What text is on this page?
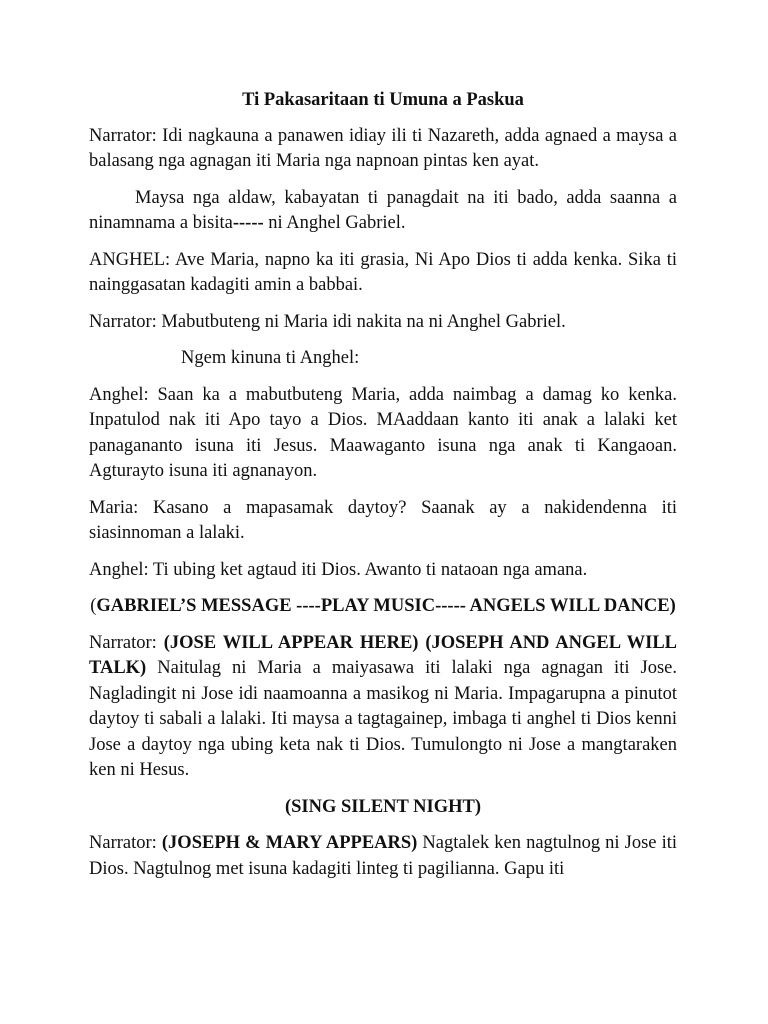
Ti Pakasaritaan ti Umuna a Paskua

Narrator: Idi nagkauna a panawen idiay ili ti Nazareth, adda agnaed a maysa a balasang nga agnagan iti Maria nga napnoan pintas ken ayat.

Maysa nga aldaw, kabayatan ti panagdait na iti bado, adda saanna a ninamnama a bisita----- ni Anghel Gabriel.

ANGHEL: Ave Maria, napno ka iti grasia, Ni Apo Dios ti adda kenka. Sika ti nainggasatan kadagiti amin a babbai.

Narrator: Mabutbuteng ni Maria idi nakita na ni Anghel Gabriel.

Ngem kinuna ti Anghel:

Anghel: Saan ka a mabutbuteng Maria, adda naimbag a damag ko kenka. Inpatulod nak iti Apo tayo a Dios. MAaddaan kanto iti anak a lalaki ket panagananto isuna iti Jesus. Maawaganto isuna nga anak ti Kangaoan. Agturayto isuna iti agnanayon.

Maria: Kasano a mapasamak daytoy? Saanak ay a nakidendenna iti siasinnoman a lalaki.

Anghel: Ti ubing ket agtaud iti Dios. Awanto ti nataoan nga amana.

(GABRIEL’S MESSAGE ----PLAY MUSIC----- ANGELS WILL DANCE)

Narrator: (JOSE WILL APPEAR HERE) (JOSEPH AND ANGEL WILL TALK) Naitulag ni Maria a maiyasawa iti lalaki nga agnagan iti Jose. Nagladingit ni Jose idi naamoanna a masikog ni Maria. Impagarupna a pinutot daytoy ti sabali a lalaki. Iti maysa a tagtagainep, imbaga ti anghel ti Dios kenni Jose a daytoy nga ubing keta nak ti Dios. Tumulongto ni Jose a mangtaraken ken ni Hesus.

(SING SILENT NIGHT)

Narrator: (JOSEPH & MARY APPEARS) Nagtalek ken nagtulnog ni Jose iti Dios. Nagtulnog met isuna kadagiti linteg ti pagilianna. Gapu iti
